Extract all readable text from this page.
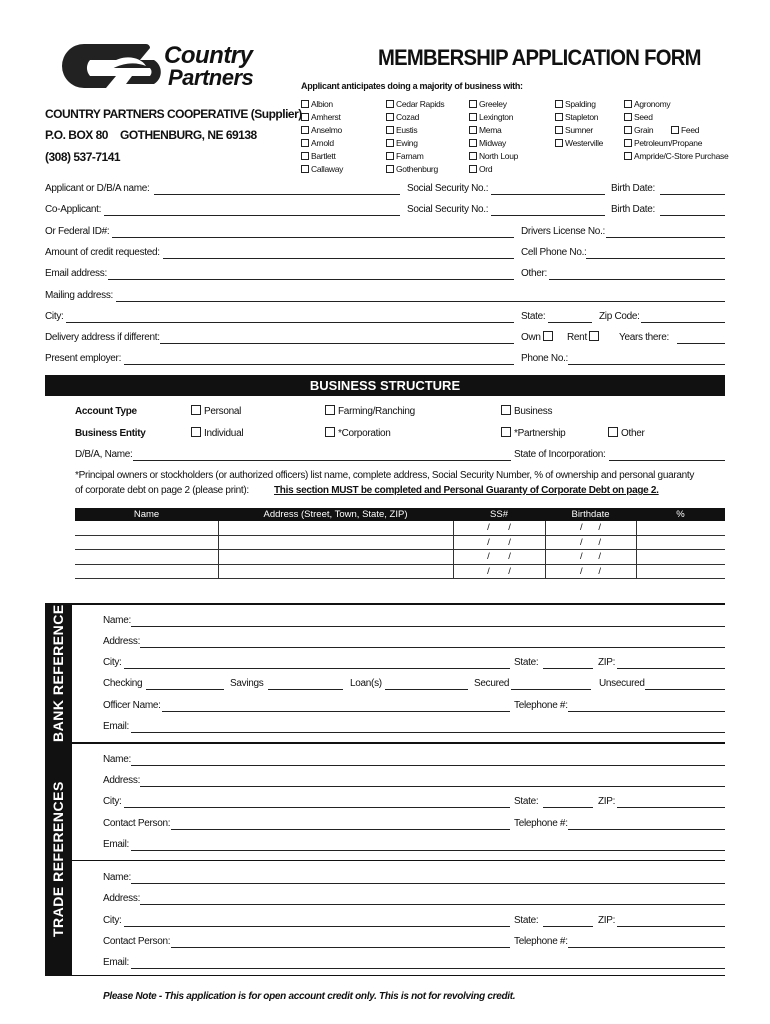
Country
Partners
MEMBERSHIP APPLICATION FORM
COUNTRY PARTNERS COOPERATIVE (Supplier)
P.O. BOX 80 GOTHENBURG, NE 69138
(308) 537-7141
Applicant anticipates doing a majority of business with:
Albion
Amherst
Anselmo
Arnold
Bartlett
Callaway
Cedar Rapids
Cozad
Eustis
Ewing
Farnam
Gothenburg
Greeley
Lexington
Mema
Midway
North Loup
Ord
Spalding
Stapleton
Sumner
Westerville
Agronomy
Seed
Grain	Feed
Petroleum/Propane
Ampride/C-Store Purchase
Applicant or D/B/A name:	Social Security No.:	Birth Date:
Co-Applicant:	Social Security No.:	Birth Date:
Or Federal ID#:	Drivers License No.:
Amount of credit requested:	Cell Phone No.:
Email address:	Other:
Mailing address:
City:	State:	Zip Code:
Delivery address if different:	Own	Rent	Years there:
Present employer:	Phone No.:
BUSINESS STRUCTURE
Account Type	Personal	Farming/Ranching	Business
Business Entity	Individual	*Corporation	*Partnership	Other
D/B/A, Name:	State of Incorporation:
*Principal owners or stockholders (or authorized officers) list name, complete address, Social Security Number, % of ownership and personal guaranty
of corporate debt on page 2 (please print):	This section MUST be completed and Personal Guaranty of Corporate Debt on page 2.
Name	Address (Street, Town, State, ZIP)	SS#	Birthdate	%
		/ /	/ /	
		/ /	/ /	
		/ /	/ /	
		/ /	/ /	
BANK REFERENCE	Name:
Address:
City:	State:	ZIP:
Checking	Savings	Loan(s)	Secured	Unsecured
Officer Name:	Telephone #:
Email:
TRADE REFERENCES
Name:
Address:
City:	State:	ZIP:
Contact Person:	Telephone #:
Email:
Name:
Address:
City:	State:	ZIP:
Contact Person:	Telephone #:
Email:
Please Note - This application is for open account credit only. This is not for revolving credit.
